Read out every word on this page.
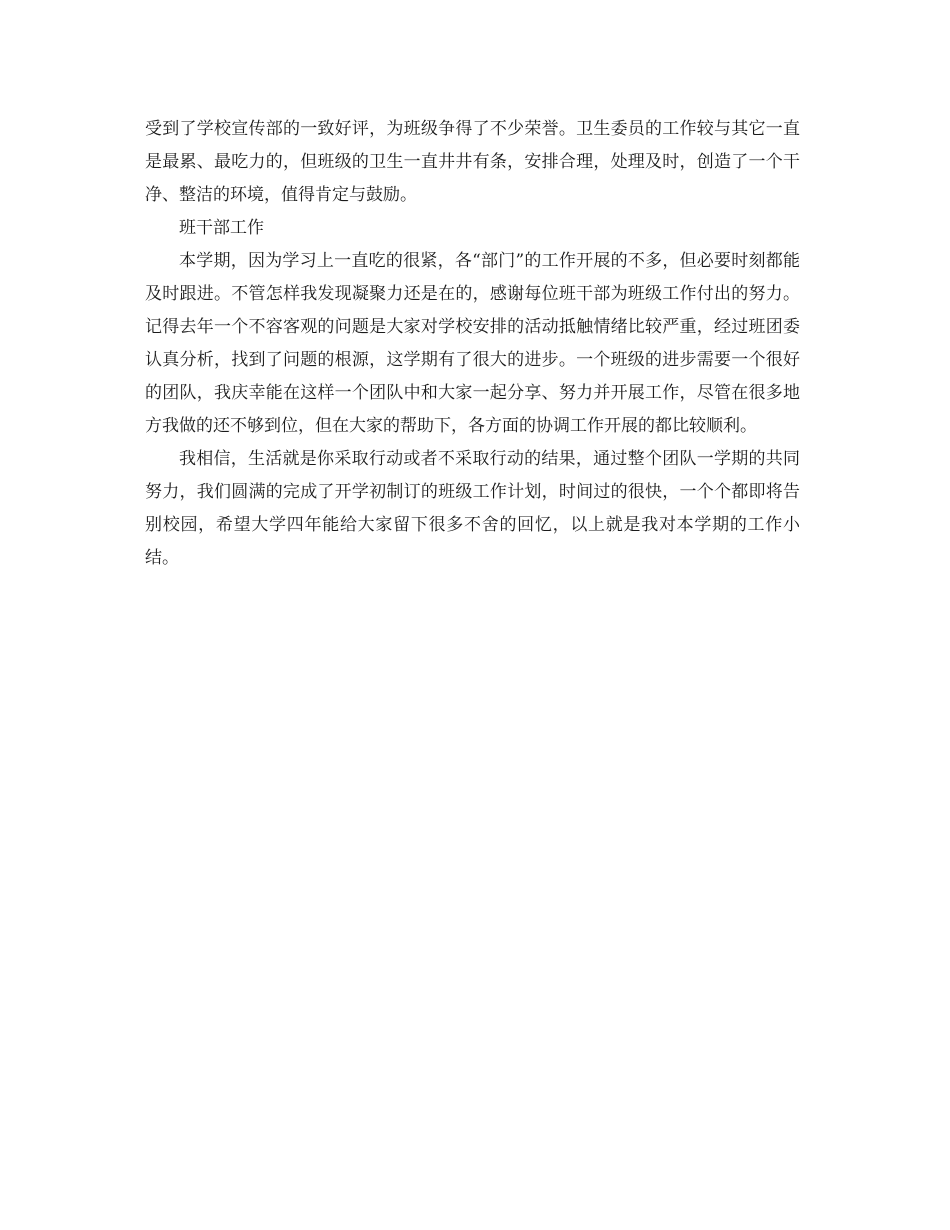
受到了学校宣传部的一致好评，为班级争得了不少荣誉。卫生委员的工作较与其它一直是最累、最吃力的，但班级的卫生一直井井有条，安排合理，处理及时，创造了一个干净、整洁的环境，值得肯定与鼓励。

班干部工作

本学期，因为学习上一直吃的很紧，各“部门”的工作开展的不多，但必要时刻都能及时跟进。不管怎样我发现凝聚力还是在的，感谢每位班干部为班级工作付出的努力。记得去年一个不容客观的问题是大家对学校安排的活动抵触情绪比较严重，经过班团委认真分析，找到了问题的根源，这学期有了很大的进步。一个班级的进步需要一个很好的团队，我庆幸能在这样一个团队中和大家一起分享、努力并开展工作，尽管在很多地方我做的还不够到位，但在大家的帮助下，各方面的协调工作开展的都比较顺利。

我相信，生活就是你采取行动或者不采取行动的结果，通过整个团队一学期的共同努力，我们圆满的完成了开学初制订的班级工作计划，时间过的很快，一个个都即将告别校园，希望大学四年能给大家留下很多不舍的回忆，以上就是我对本学期的工作小结。
